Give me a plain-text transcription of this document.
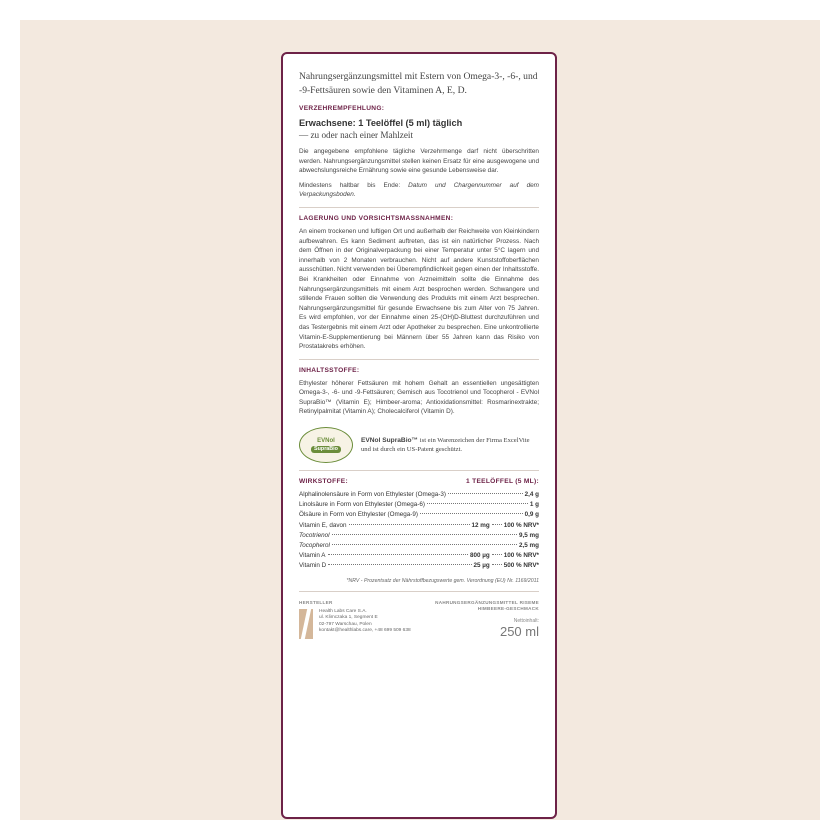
Nahrungsergänzungsmittel mit Estern von Omega-3-, -6-, und -9-Fettsäuren sowie den Vitaminen A, E, D.

VERZEHREMPFEHLUNG:

Erwachsene: 1 Teelöffel (5 ml) täglich

— zu oder nach einer Mahlzeit

Die angegebene empfohlene tägliche Verzehrmenge darf nicht überschritten werden. Nahrungsergänzungsmittel stellen keinen Ersatz für eine ausgewogene und abwechslungsreiche Ernährung sowie eine gesunde Lebensweise dar.

Mindestens haltbar bis Ende: Datum und Chargennummer auf dem Verpackungsboden.

LAGERUNG UND VORSICHTSMASSNAHMEN:

An einem trockenen und luftigen Ort und außerhalb der Reichweite von Kleinkindern aufbewahren. Es kann Sediment auftreten, das ist ein natürlicher Prozess. Nach dem Öffnen in der Originalverpackung bei einer Temperatur unter 5°C lagern und innerhalb von 2 Monaten verbrauchen. Nicht auf andere Kunststoffoberflächen ausschütten. Nicht verwenden bei Überempfindlichkeit gegen einen der Inhaltsstoffe. Bei Krankheiten oder Einnahme von Arzneimitteln sollte die Einnahme des Nahrungsergänzungsmittels mit einem Arzt besprochen werden. Schwangere und stillende Frauen sollten die Verwendung des Produkts mit einem Arzt besprechen. Nahrungsergänzungsmittel für gesunde Erwachsene bis zum Alter von 75 Jahren. Es wird empfohlen, vor der Einnahme einen 25-(OH)D-Bluttest durchzuführen und das Testergebnis mit einem Arzt oder Apotheker zu besprechen. Eine unkontrollierte Vitamin-E-Supplementierung bei Männern über 55 Jahren kann das Risiko von Prostatakrebs erhöhen.

INHALTSSTOFFE:

Ethylester höherer Fettsäuren mit hohem Gehalt an essentiellen ungesättigten Omega-3-, -6- und -9-Fettsäuren; Gemisch aus Tocotrienol und Tocopherol - EVNol SupraBio™ (Vitamin E); Himbeer-aroma; Antioxidationsmittel: Rosmarinextrakte; Retinylpalmitat (Vitamin A); Cholecalciferol (Vitamin D).

EVNol
SupraBio
EVNol SupraBio™ ist ein Warenzeichen der Firma ExcelVite und ist durch ein US-Patent geschützt.
WIRKSTOFFE:	1 TEELÖFFEL (5 ML):
Alphalinolensäure in Form von Ethylester (Omega-3)	2,4 g
Linolsäure in Form von Ethylester (Omega-6)	1 g
Ölsäure in Form von Ethylester (Omega-9)	0,9 g
Vitamin E, davon	12 mg 100 % NRV*
Tocotrienol	9,5 mg
Tocopherol	2,5 mg
Vitamin A	800 µg 100 % NRV*
Vitamin D	25 µg 500 % NRV*

*NRV - Prozentsatz der Nährstoffbezugswerte gem. Verordnung (EU) Nr. 1169/2011

HERSTELLER
Health Labs Care S.A.
ul. Klimczaka 1, Segment E
02-797 Warschau, Polen
kontakt@healthlabs.care, +48 699 509 638
NAHRUNGSERGÄNZUNGSMITTEL RISEME
HIMBEERE-GESCHMACK
Nettoinhalt:
250 ml
